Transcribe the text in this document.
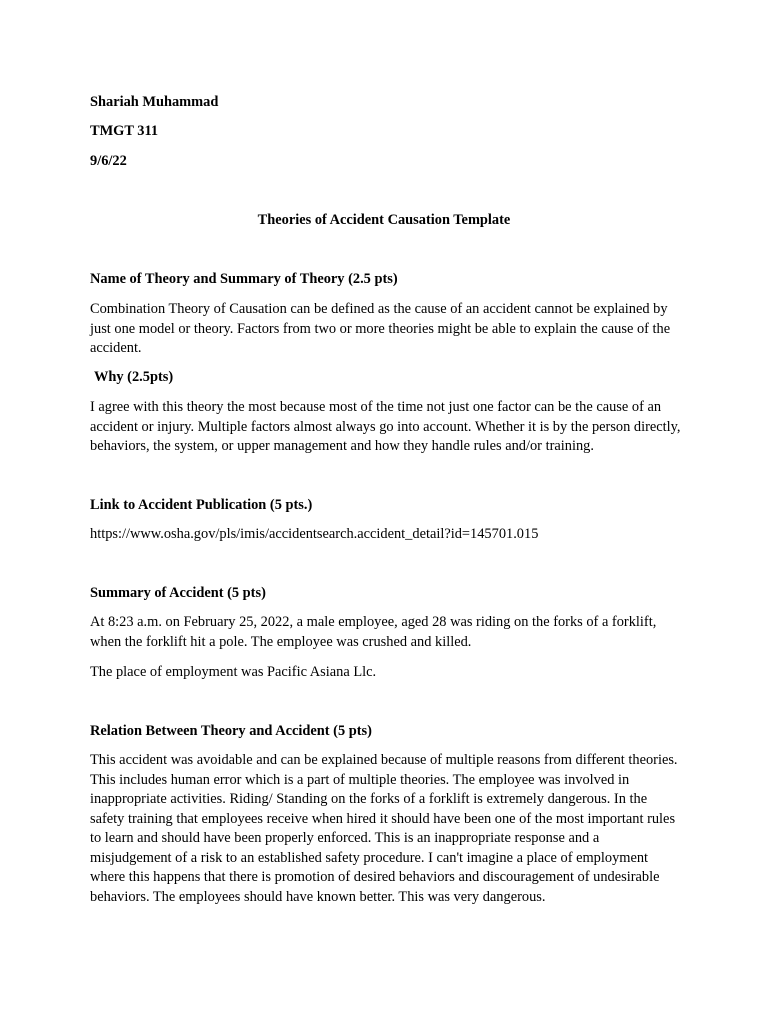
Shariah Muhammad
TMGT 311
9/6/22
Theories of Accident Causation Template
Name of Theory and Summary of Theory (2.5 pts)
Combination Theory of Causation can be defined as the cause of an accident cannot be explained by just one model or theory. Factors from two or more theories might be able to explain the cause of the accident.
Why (2.5pts)
I agree with this theory the most because most of the time not just one factor can be the cause of an accident or injury. Multiple factors almost always go into account. Whether it is by the person directly, behaviors, the system, or upper management and how they handle rules and/or training.
Link to Accident Publication (5 pts.)
https://www.osha.gov/pls/imis/accidentsearch.accident_detail?id=145701.015
Summary of Accident (5 pts)
At 8:23 a.m. on February 25, 2022, a male employee, aged 28 was riding on the forks of a forklift, when the forklift hit a pole. The employee was crushed and killed.
The place of employment was Pacific Asiana Llc.
Relation Between Theory and Accident (5 pts)
This accident was avoidable and can be explained because of multiple reasons from different theories. This includes human error which is a part of multiple theories. The employee was involved in inappropriate activities. Riding/ Standing on the forks of a forklift is extremely dangerous. In the safety training that employees receive when hired it should have been one of the most important rules to learn and should have been properly enforced. This is an inappropriate response and a misjudgement of a risk to an established safety procedure. I can't imagine a place of employment where this happens that there is promotion of desired behaviors and discouragement of undesirable behaviors. The employees should have known better. This was very dangerous.
